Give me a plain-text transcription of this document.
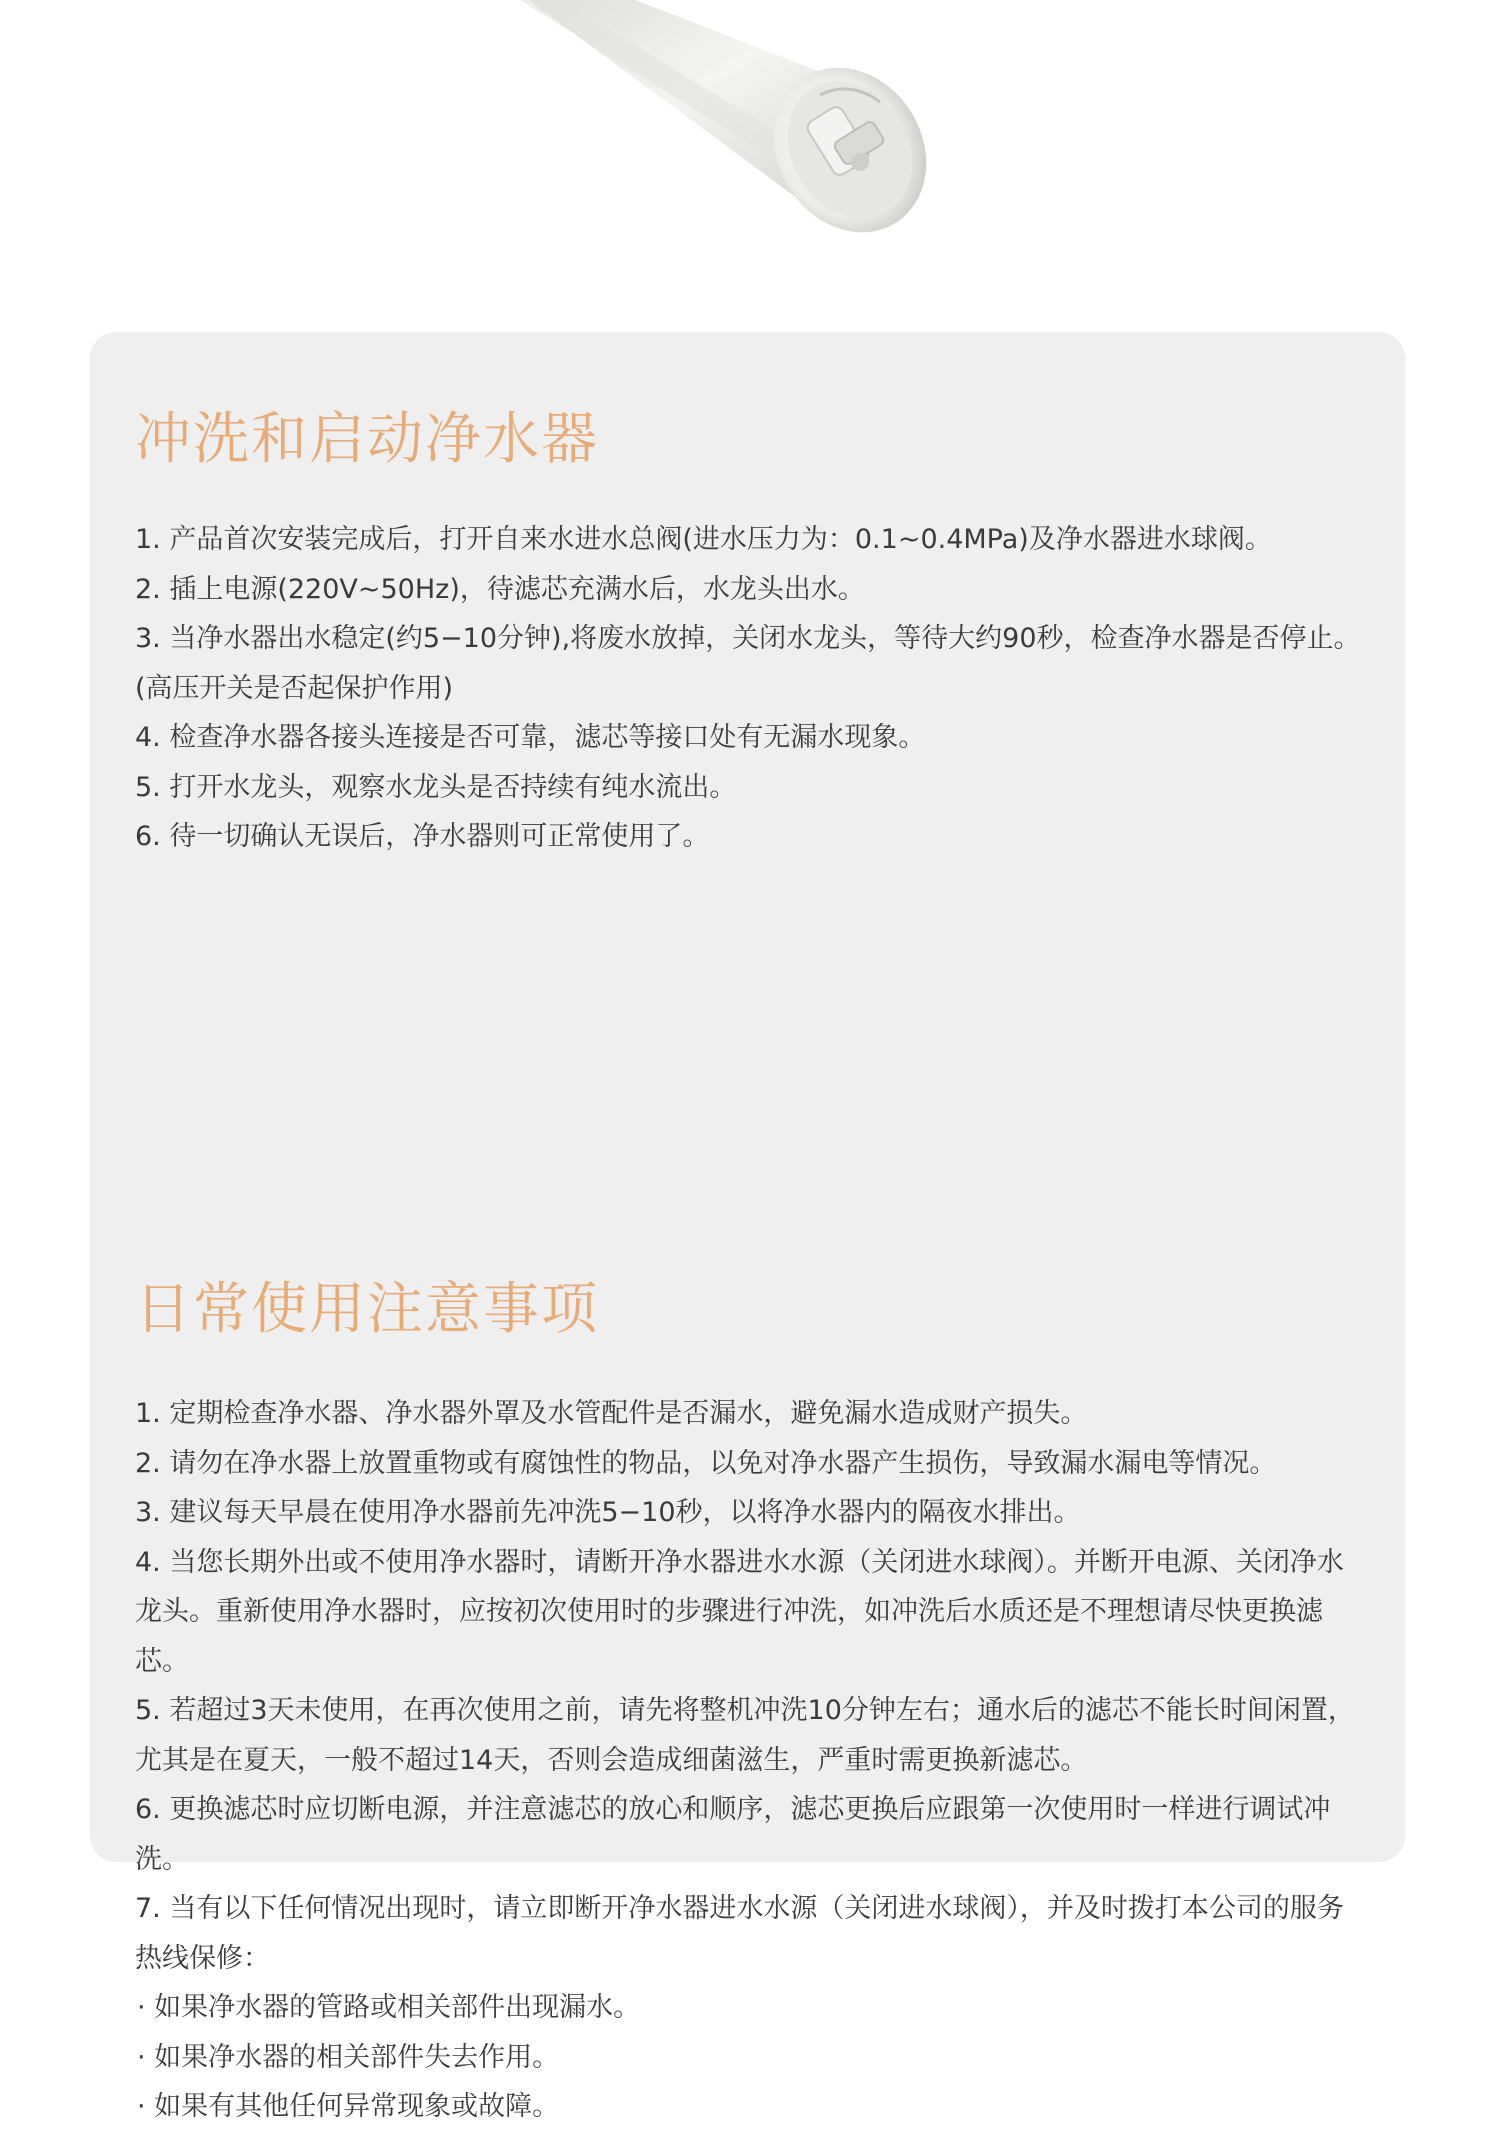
冲洗和启动净水器
1. 产品首次安装完成后，打开自来水进水总阀(进水压力为：0.1~0.4MPa)及净水器进水球阀。
2. 插上电源(220V~50Hz)，待滤芯充满水后，水龙头出水。
3. 当净水器出水稳定(约5−10分钟),将废水放掉，关闭水龙头，等待大约90秒，检查净水器是否停止。(高压开关是否起保护作用)
4. 检查净水器各接头连接是否可靠，滤芯等接口处有无漏水现象。
5. 打开水龙头，观察水龙头是否持续有纯水流出。
6. 待一切确认无误后，净水器则可正常使用了。
日常使用注意事项
1. 定期检查净水器、净水器外罩及水管配件是否漏水，避免漏水造成财产损失。
2. 请勿在净水器上放置重物或有腐蚀性的物品，以免对净水器产生损伤，导致漏水漏电等情况。
3. 建议每天早晨在使用净水器前先冲洗5−10秒，以将净水器内的隔夜水排出。
4. 当您长期外出或不使用净水器时，请断开净水器进水水源（关闭进水球阀）。并断开电源、关闭净水龙头。重新使用净水器时，应按初次使用时的步骤进行冲洗，如冲洗后水质还是不理想请尽快更换滤芯。
5. 若超过3天未使用，在再次使用之前，请先将整机冲洗10分钟左右；通水后的滤芯不能长时间闲置，尤其是在夏天，一般不超过14天，否则会造成细菌滋生，严重时需更换新滤芯。
6. 更换滤芯时应切断电源，并注意滤芯的放心和顺序，滤芯更换后应跟第一次使用时一样进行调试冲洗。
7. 当有以下任何情况出现时，请立即断开净水器进水水源（关闭进水球阀），并及时拨打本公司的服务热线保修：
· 如果净水器的管路或相关部件出现漏水。
· 如果净水器的相关部件失去作用。
· 如果有其他任何异常现象或故障。
